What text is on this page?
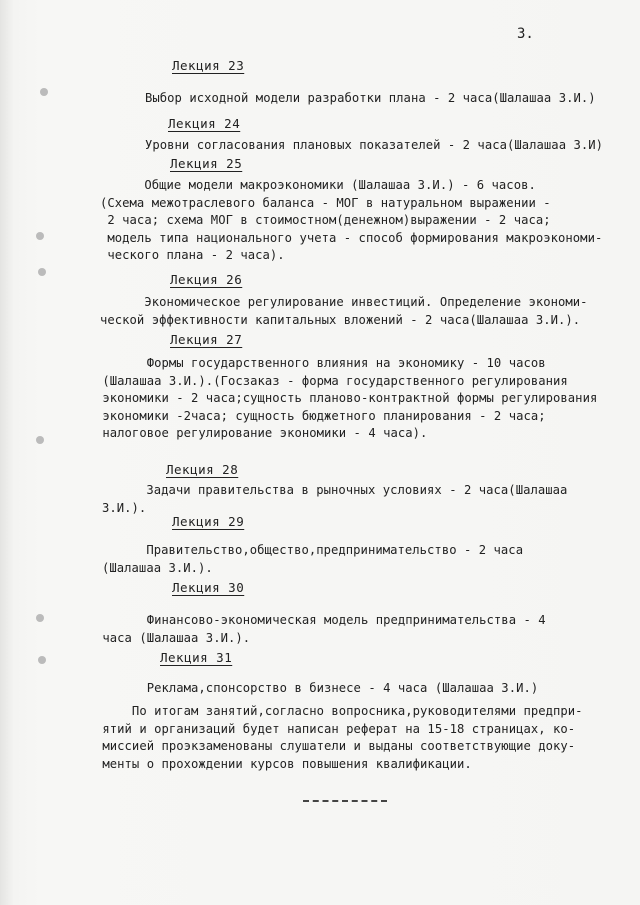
3.
Лекция 23
Выбор исходной модели разработки плана - 2 часа(Шалашаа З.И.)
Лекция 24
Уровни согласования плановых показателей - 2 часа(Шалашаа З.И)
Лекция 25
Общие модели макроэкономики (Шалашаа З.И.) - 6 часов.
(Схема межотраслевого баланса - МОГ в натуральном выражении -
2 часа; схема МОГ в стоимостном(денежном)выражении - 2 часа;
модель типа национального учета - способ формирования макроэкономи-
ческого плана - 2 часа).
Лекция 26
Экономическое регулирование инвестиций. Определение экономи-
ческой эффективности капитальных вложений - 2 часа(Шалашаа З.И.).
Лекция 27
Формы государственного влияния на экономику - 10 часов
(Шалашаа З.И.).(Госзаказ - форма государственного регулирования
экономики - 2 часа;сущность планово-контрактной формы регулирования
экономики -2часа; сущность бюджетного планирования - 2 часа;
налоговое регулирование экономики - 4 часа).
Лекция 28
Задачи правительства в рыночных условиях - 2 часа(Шалашаа
З.И.).
Лекция 29
Правительство,общество,предпринимательство - 2 часа
(Шалашаа З.И.).
Лекция 30
Финансово-экономическая модель предпринимательства - 4
часа (Шалашаа З.И.).
Лекция 31
Реклама,спонсорство в бизнесе - 4 часа (Шалашаа З.И.)
По итогам занятий,согласно вопросника,руководителями предпри-
ятий и организаций будет написан реферат на 15-18 страницах, ко-
миссией проэкзаменованы слушатели и выданы соответствующие доку-
менты о прохождении курсов повышения квалификации.
